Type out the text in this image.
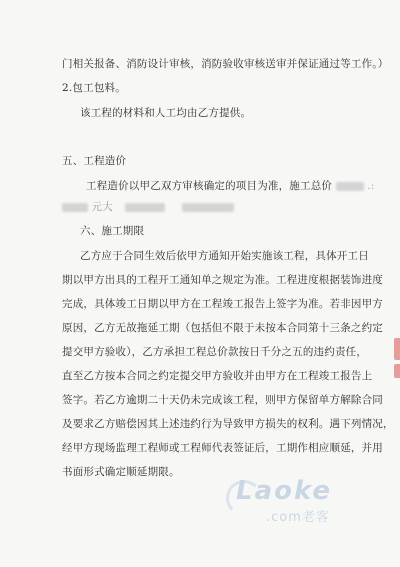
门相关报备、消防设计审核，消防验收审核送审并保证通过等工作。）
2.包工包料。
该工程的材料和人工均由乙方提供。
五、工程造价
工程造价以甲乙双方审核确定的项目为准，施工总价	.:
元大
六、施工期限
乙方应于合同生效后依甲方通知开始实施该工程，具体开工日
期以甲方出具的工程开工通知单之规定为准。工程进度根据装饰进度
完成，具体竣工日期以甲方在工程竣工报告上签字为准。若非因甲方
原因，乙方无故拖延工期（包括但不限于未按本合同第十三条之约定
提交甲方验收），乙方承担工程总价款按日千分之五的违约责任，
直至乙方按本合同之约定提交甲方验收并由甲方在工程竣工报告上
签字。若乙方逾期二十天仍未完成该工程，则甲方保留单方解除合同
及要求乙方赔偿因其上述违约行为导致甲方损失的权利。遇下列情况，
经甲方现场监理工程师或工程师代表签证后，工期作相应顺延，并用
书面形式确定顺延期限。
Laoke
.com老客
